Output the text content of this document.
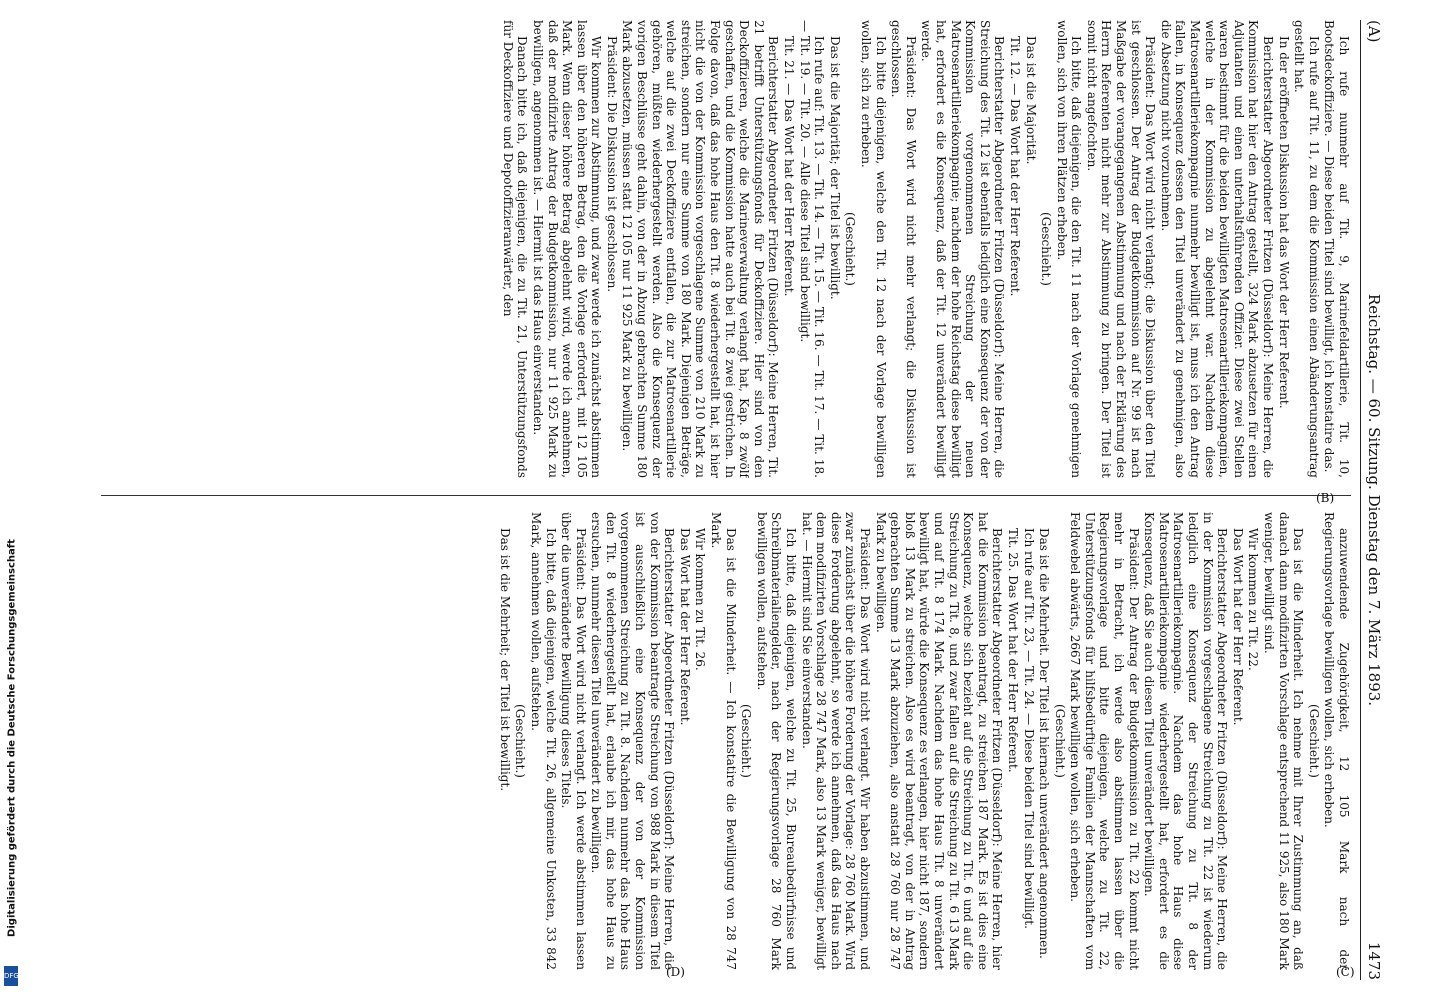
(A)
Reichstag. — 60. Sitzung. Dienstag den 7. März 1893.
1473

Ich rufe nunmehr auf Tit. 9, Marinefeldartillerie, Tit. 10, Bootsdeckoffiziere. — Diese beiden Titel sind bewilligt, ich konstatire das.

Ich rufe auf Tit. 11, zu dem die Kommission einen Abänderungsantrag gestellt hat.

In der eröffneten Diskussion hat das Wort der Herr Referent.

Berichterstatter Abgeordneter Fritzen (Düsseldorf): Meine Herren, die Kommission hat hier den Antrag gestellt, 324 Mark abzusetzen für einen Adjutanten und einen unterhaltsführenden Offizier. Diese zwei Stellen waren bestimmt für die beiden bewilligten Matrosenartilleriekompagnien, welche in der Kommission zu abgelehnt war. Nachdem diese Matrosenartilleriekompagnie nunmehr bewilligt ist, muss ich den Antrag fallen, in Konsequenz dessen den Titel unverändert zu genehmigen, also die Absetzung nicht vorzunehmen.

Präsident: Das Wort wird nicht verlangt; die Diskussion über den Titel ist geschlossen. Der Antrag der Budgetkommission auf Nr. 99 ist nach Maßgabe der vorangegangenen Abstimmung und nach der Erklärung des Herrn Referenten nicht mehr zur Abstimmung zu bringen. Der Titel ist somit nicht angefochten.

Ich bitte, daß diejenigen, die den Tit. 11 nach der Vorlage genehmigen wollen, sich von ihren Plätzen erheben.

(Geschieht.)

Das ist die Majorität.

Tit. 12. — Das Wort hat der Herr Referent.

Berichterstatter Abgeordneter Fritzen (Düsseldorf): Meine Herren, die Streichung des Tit. 12 ist ebenfalls lediglich eine Konsequenz der von der Kommission vorgenommenen Streichung der neuen Matrosenartilleriekompagnie; nachdem der hohe Reichstag diese bewilligt hat, erfordert es die Konsequenz, daß der Tit. 12 unverändert bewilligt werde.

Präsident: Das Wort wird nicht mehr verlangt; die Diskussion ist geschlossen.

Ich bitte diejenigen, welche den Tit. 12 nach der Vorlage bewilligen wollen, sich zu erheben.

(Geschieht.)

Das ist die Majorität; der Titel ist bewilligt.

Ich rufe auf: Tit. 13. — Tit. 14. — Tit. 15. — Tit. 16. — Tit. 17. — Tit. 18. — Tit. 19. — Tit. 20. — Alle diese Titel sind bewilligt.

Tit. 21. — Das Wort hat der Herr Referent.

Berichterstatter Abgeordneter Fritzen (Düsseldorf): Meine Herren, Tit. 21 betrifft Unterstützungsfonds für Deckoffiziere. Hier sind von den Deckoffizieren, welche die Marineverwaltung verlangt hat, Kap. 8 zwölf geschaffen, und die Kommission hatte auch bei Tit. 8 zwei gestrichen. In Folge davon, daß das hohe Haus den Tit. 8 wiederhergestellt hat, ist hier nicht die von der Kommission vorgeschlagene Summe von 210 Mark zu streichen, sondern nur eine Summe von 180 Mark. Diejenigen Beträge, welche auf die zwei Deckoffiziere entfallen, die zur Matrosenartillerie gehören, müßten wiederhergestellt werden. Also die Konsequenz der vorigen Beschlüsse geht dahin, von der in Abzug gebrachten Summe 180 Mark abzusetzen, müssen statt 12 105 nur 11 925 Mark zu bewilligen.

Präsident: Die Diskussion ist geschlossen.

Wir kommen zur Abstimmung, und zwar werde ich zunächst abstimmen lassen über den höheren Betrag, den die Vorlage erfordert, mit 12 105 Mark. Wenn dieser höhere Betrag abgelehnt wird, werde ich annehmen, daß der modifizirte Antrag der Budgetkommission, nur 11 925 Mark zu bewilligen, angenommen ist. — Hiermit ist das Haus einverstanden.

Danach bitte ich, daß diejenigen, die zu Tit. 21, Unterstützungsfonds für Deckoffiziere und Depotoffizieranwärter, den

anzuwendende Zugehörigkeit, 12 105 Mark nach der Regierungsvorlage bewilligen wollen, sich erheben.

(Geschieht.)

Das ist die Minderheit. Ich nehme mit Ihrer Zustimmung an, daß danach dann modifizirten Vorschlage entsprechend 11 925, also 180 Mark weniger, bewilligt sind.

Wir kommen zu Tit. 22.

Das Wort hat der Herr Referent.

Berichterstatter Abgeordneter Fritzen (Düsseldorf): Meine Herren, die in der Kommission vorgeschlagene Streichung zu Tit. 22 ist wiederum lediglich eine Konsequenz der Streichung zu Tit. 8 der Matrosenartilleriekompagnie. Nachdem das hohe Haus diese Matrosenartilleriekompagnie wiederhergestellt hat, erfordert es die Konsequenz, daß Sie auch diesen Titel unverändert bewilligen.

Präsident: Der Antrag der Budgetkommission zu Tit. 22 kommt nicht mehr in Betracht, ich werde also abstimmen lassen über die Regierungsvorlage und bitte diejenigen, welche zu Tit. 22, Unterstützungsfonds für hilfsbedürftige Familien der Mannschaften vom Feldwebel abwärts, 2667 Mark bewilligen wollen, sich erheben.

(Geschieht.)

Das ist die Mehrheit. Der Titel ist hiernach unverändert angenommen.

Ich rufe auf Tit. 23, — Tit. 24. — Diese beiden Titel sind bewilligt.

Tit. 25. Das Wort hat der Herr Referent.

Berichterstatter Abgeordneter Fritzen (Düsseldorf): Meine Herren, hier hat die Kommission beantragt, zu streichen 187 Mark. Es ist dies eine Konsequenz, welche sich bezieht auf die Streichung zu Tit. 6 und auf die Streichung zu Tit. 8, und zwar fallen auf die Streichung zu Tit. 6 13 Mark und auf Tit. 8 174 Mark. Nachdem das hohe Haus Tit. 8 unverändert bewilligt hat, würde die Konsequenz es verlangen, hier nicht 187, sondern bloß 13 Mark zu streichen. Also es wird beantragt, von der in Antrag gebrachten Summe 13 Mark abzuziehen, also anstatt 28 760 nur 28 747 Mark zu bewilligen.

Präsident: Das Wort wird nicht verlangt. Wir haben abzustimmen, und zwar zunächst über die höhere Forderung der Vorlage: 28 760 Mark. Wird diese Forderung abgelehnt, so werde ich annehmen, daß das Haus nach dem modifizirten Vorschlage 28 747 Mark, also 13 Mark weniger, bewilligt hat. — Hiermit sind Sie einverstanden.

Ich bitte, daß diejenigen, welche zu Tit. 25, Bureaubedürfnisse und Schreibmaterialiengelder, nach der Regierungsvorlage 28 760 Mark bewilligen wollen, aufstehen.

(Geschieht.)

Das ist die Minderheit. — Ich konstatire die Bewilligung von 28 747 Mark.

Wir kommen zu Tit. 26.

Das Wort hat der Herr Referent.

Berichterstatter Abgeordneter Fritzen (Düsseldorf): Meine Herren, die von der Kommission beantragte Streichung von 988 Mark in diesem Titel ist ausschließlich eine Konsequenz der von der Kommission vorgenommenen Streichung zu Tit. 8. Nachdem nunmehr das hohe Haus den Tit. 8 wiederhergestellt hat, erlaube ich mir, das hohe Haus zu ersuchen, nunmehr diesen Titel unverändert zu bewilligen.

Präsident: Das Wort wird nicht verlangt. Ich werde abstimmen lassen über die unveränderte Bewilligung dieses Titels.

Ich bitte, daß diejenigen, welche Tit. 26, allgemeine Unkosten, 33 842 Mark, annehmen wollen, aufstehen.

(Geschieht.)

Das ist die Mehrheit; der Titel ist bewilligt.

(B)
(D)	(C)
Digitalisierung gefördert durch die Deutsche Forschungsgemeinschaft
DFG
